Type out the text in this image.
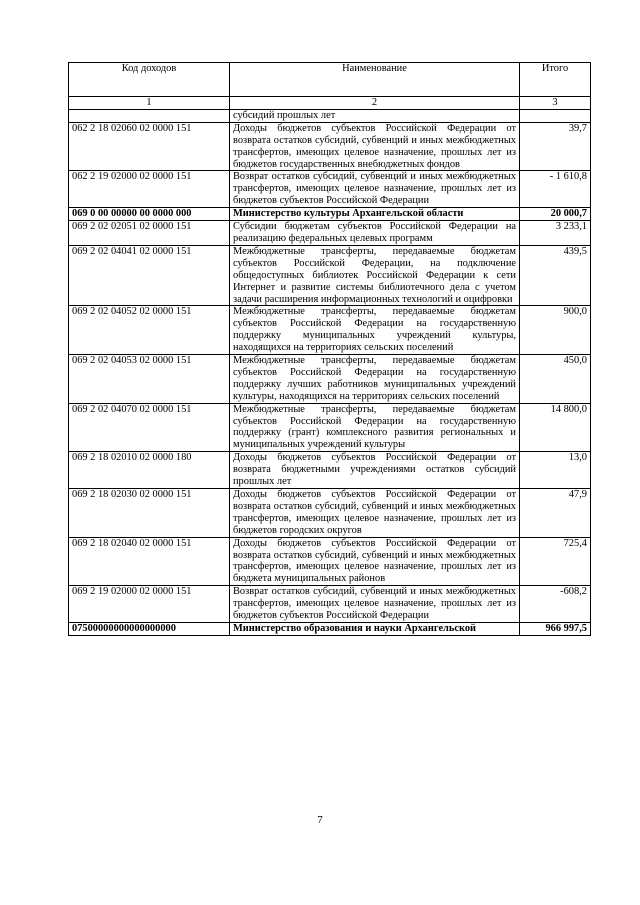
Код доходов	Наименование	Итого
1	2	3
	субсидий прошлых лет	
062 2 18 02060 02 0000 151	Доходы бюджетов субъектов Российской Федерации от возврата остатков субсидий, субвенций и иных межбюджетных трансфертов, имеющих целевое назначение, прошлых лет из бюджетов государственных внебюджетных фондов	39,7
062 2 19 02000 02 0000 151	Возврат остатков субсидий, субвенций и иных межбюджетных трансфертов, имеющих целевое назначение, прошлых лет из бюджетов субъектов Российской Федерации	- 1 610,8
069 0 00 00000 00 0000 000	Министерство культуры Архангельской области	20 000,7
069 2 02 02051 02 0000 151	Субсидии бюджетам субъектов Российской Федерации на реализацию федеральных целевых программ	3 233,1
069 2 02 04041 02 0000 151	Межбюджетные трансферты, передаваемые бюджетам субъектов Российской Федерации, на подключение общедоступных библиотек Российской Федерации к сети Интернет и развитие системы библиотечного дела с учетом задачи расширения информационных технологий и оцифровки	439,5
069 2 02 04052 02 0000 151	Межбюджетные трансферты, передаваемые бюджетам субъектов Российской Федерации на государственную поддержку муниципальных учреждений культуры, находящихся на территориях сельских поселений	900,0
069 2 02 04053 02 0000 151	Межбюджетные трансферты, передаваемые бюджетам субъектов Российской Федерации на государственную поддержку лучших работников муниципальных учреждений культуры, находящихся на территориях сельских поселений	450,0
069 2 02 04070 02 0000 151	Межбюджетные трансферты, передаваемые бюджетам субъектов Российской Федерации на государственную поддержку (грант) комплексного развития региональных и муниципальных учреждений культуры	14 800,0
069 2 18 02010 02 0000 180	Доходы бюджетов субъектов Российской Федерации от возврата бюджетными учреждениями остатков субсидий прошлых лет	13,0
069 2 18 02030 02 0000 151	Доходы бюджетов субъектов Российской Федерации от возврата остатков субсидий, субвенций и иных межбюджетных трансфертов, имеющих целевое назначение, прошлых лет из бюджетов городских округов	47,9
069 2 18 02040 02 0000 151	Доходы бюджетов субъектов Российской Федерации от возврата остатков субсидий, субвенций и иных межбюджетных трансфертов, имеющих целевое назначение, прошлых лет из бюджета муниципальных районов	725,4
069 2 19 02000 02 0000 151	Возврат остатков субсидий, субвенций и иных межбюджетных трансфертов, имеющих целевое назначение, прошлых лет из бюджетов субъектов Российской Федерации	-608,2
07500000000000000000	Министерство образования и науки Архангельской	966 997,5
7
